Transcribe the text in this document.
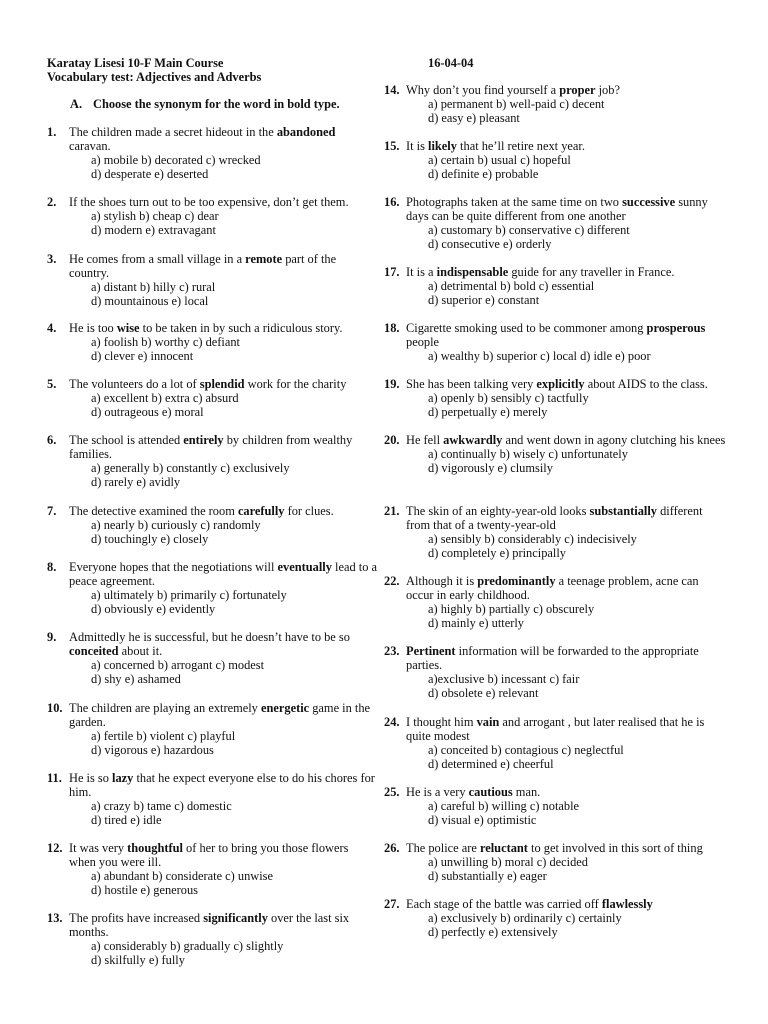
Karatay Lisesi 10-F Main Course
Vocabulary test: Adjectives and Adverbs
16-04-04
A. Choose the synonym for the word in bold type.
1. The children made a secret hideout in the abandoned caravan.
a) mobile b) decorated c) wrecked
d) desperate e) deserted
2. If the shoes turn out to be too expensive, don’t get them.
a) stylish b) cheap c) dear
d) modern e) extravagant
3. He comes from a small village in a remote part of the country.
a) distant b) hilly c) rural
d) mountainous e) local
4. He is too wise to be taken in by such a ridiculous story.
a) foolish b) worthy c) defiant
d) clever e) innocent
5. The volunteers do a lot of splendid work for the charity
a) excellent b) extra c) absurd
d) outrageous e) moral
6. The school is attended entirely by children from wealthy families.
a) generally b) constantly c) exclusively
d) rarely e) avidly
7. The detective examined the room carefully for clues.
a) nearly b) curiously c) randomly
d) touchingly e) closely
8. Everyone hopes that the negotiations will eventually lead to a peace agreement.
a) ultimately b) primarily c) fortunately
d) obviously e) evidently
9. Admittedly he is successful, but he doesn’t have to be so conceited about it.
a) concerned b) arrogant c) modest
d) shy e) ashamed
10. The children are playing an extremely energetic game in the garden.
a) fertile b) violent c) playful
d) vigorous e) hazardous
11. He is so lazy that he expect everyone else to do his chores for him.
a) crazy b) tame c) domestic
d) tired e) idle
12. It was very thoughtful of her to bring you those flowers when you were ill.
a) abundant b) considerate c) unwise
d) hostile e) generous
13. The profits have increased significantly over the last six months.
a) considerably b) gradually c) slightly
d) skilfully e) fully
14. Why don’t you find yourself a proper job?
a) permanent b) well-paid c) decent
d) easy e) pleasant
15. It is likely that he’ll retire next year.
a) certain b) usual c) hopeful
d) definite e) probable
16. Photographs taken at the same time on two successive sunny days can be quite different from one another
a) customary b) conservative c) different
d) consecutive e) orderly
17. It is a indispensable guide for any traveller in France.
a) detrimental b) bold c) essential
d) superior e) constant
18. Cigarette smoking used to be commoner among prosperous people
a) wealthy b) superior c) local d) idle e) poor
19. She has been talking very explicitly about AIDS to the class.
a) openly b) sensibly c) tactfully
d) perpetually e) merely
20. He fell awkwardly and went down in agony clutching his knees
a) continually b) wisely c) unfortunately
d) vigorously e) clumsily
21. The skin of an eighty-year-old looks substantially different from that of a twenty-year-old
a) sensibly b) considerably c) indecisively
d) completely e) principally
22. Although it is predominantly a teenage problem, acne can occur in early childhood.
a) highly b) partially c) obscurely
d) mainly e) utterly
23. Pertinent information will be forwarded to the appropriate parties.
a)exclusive b) incessant c) fair
d) obsolete e) relevant
24. I thought him vain and arrogant , but later realised that he is quite modest
a) conceited b) contagious c) neglectful
d) determined e) cheerful
25. He is a very cautious man.
a) careful b) willing c) notable
d) visual e) optimistic
26. The police are reluctant to get involved in this sort of thing
a) unwilling b) moral c) decided
d) substantially e) eager
27. Each stage of the battle was carried off flawlessly
a) exclusively b) ordinarily c) certainly
d) perfectly e) extensively
